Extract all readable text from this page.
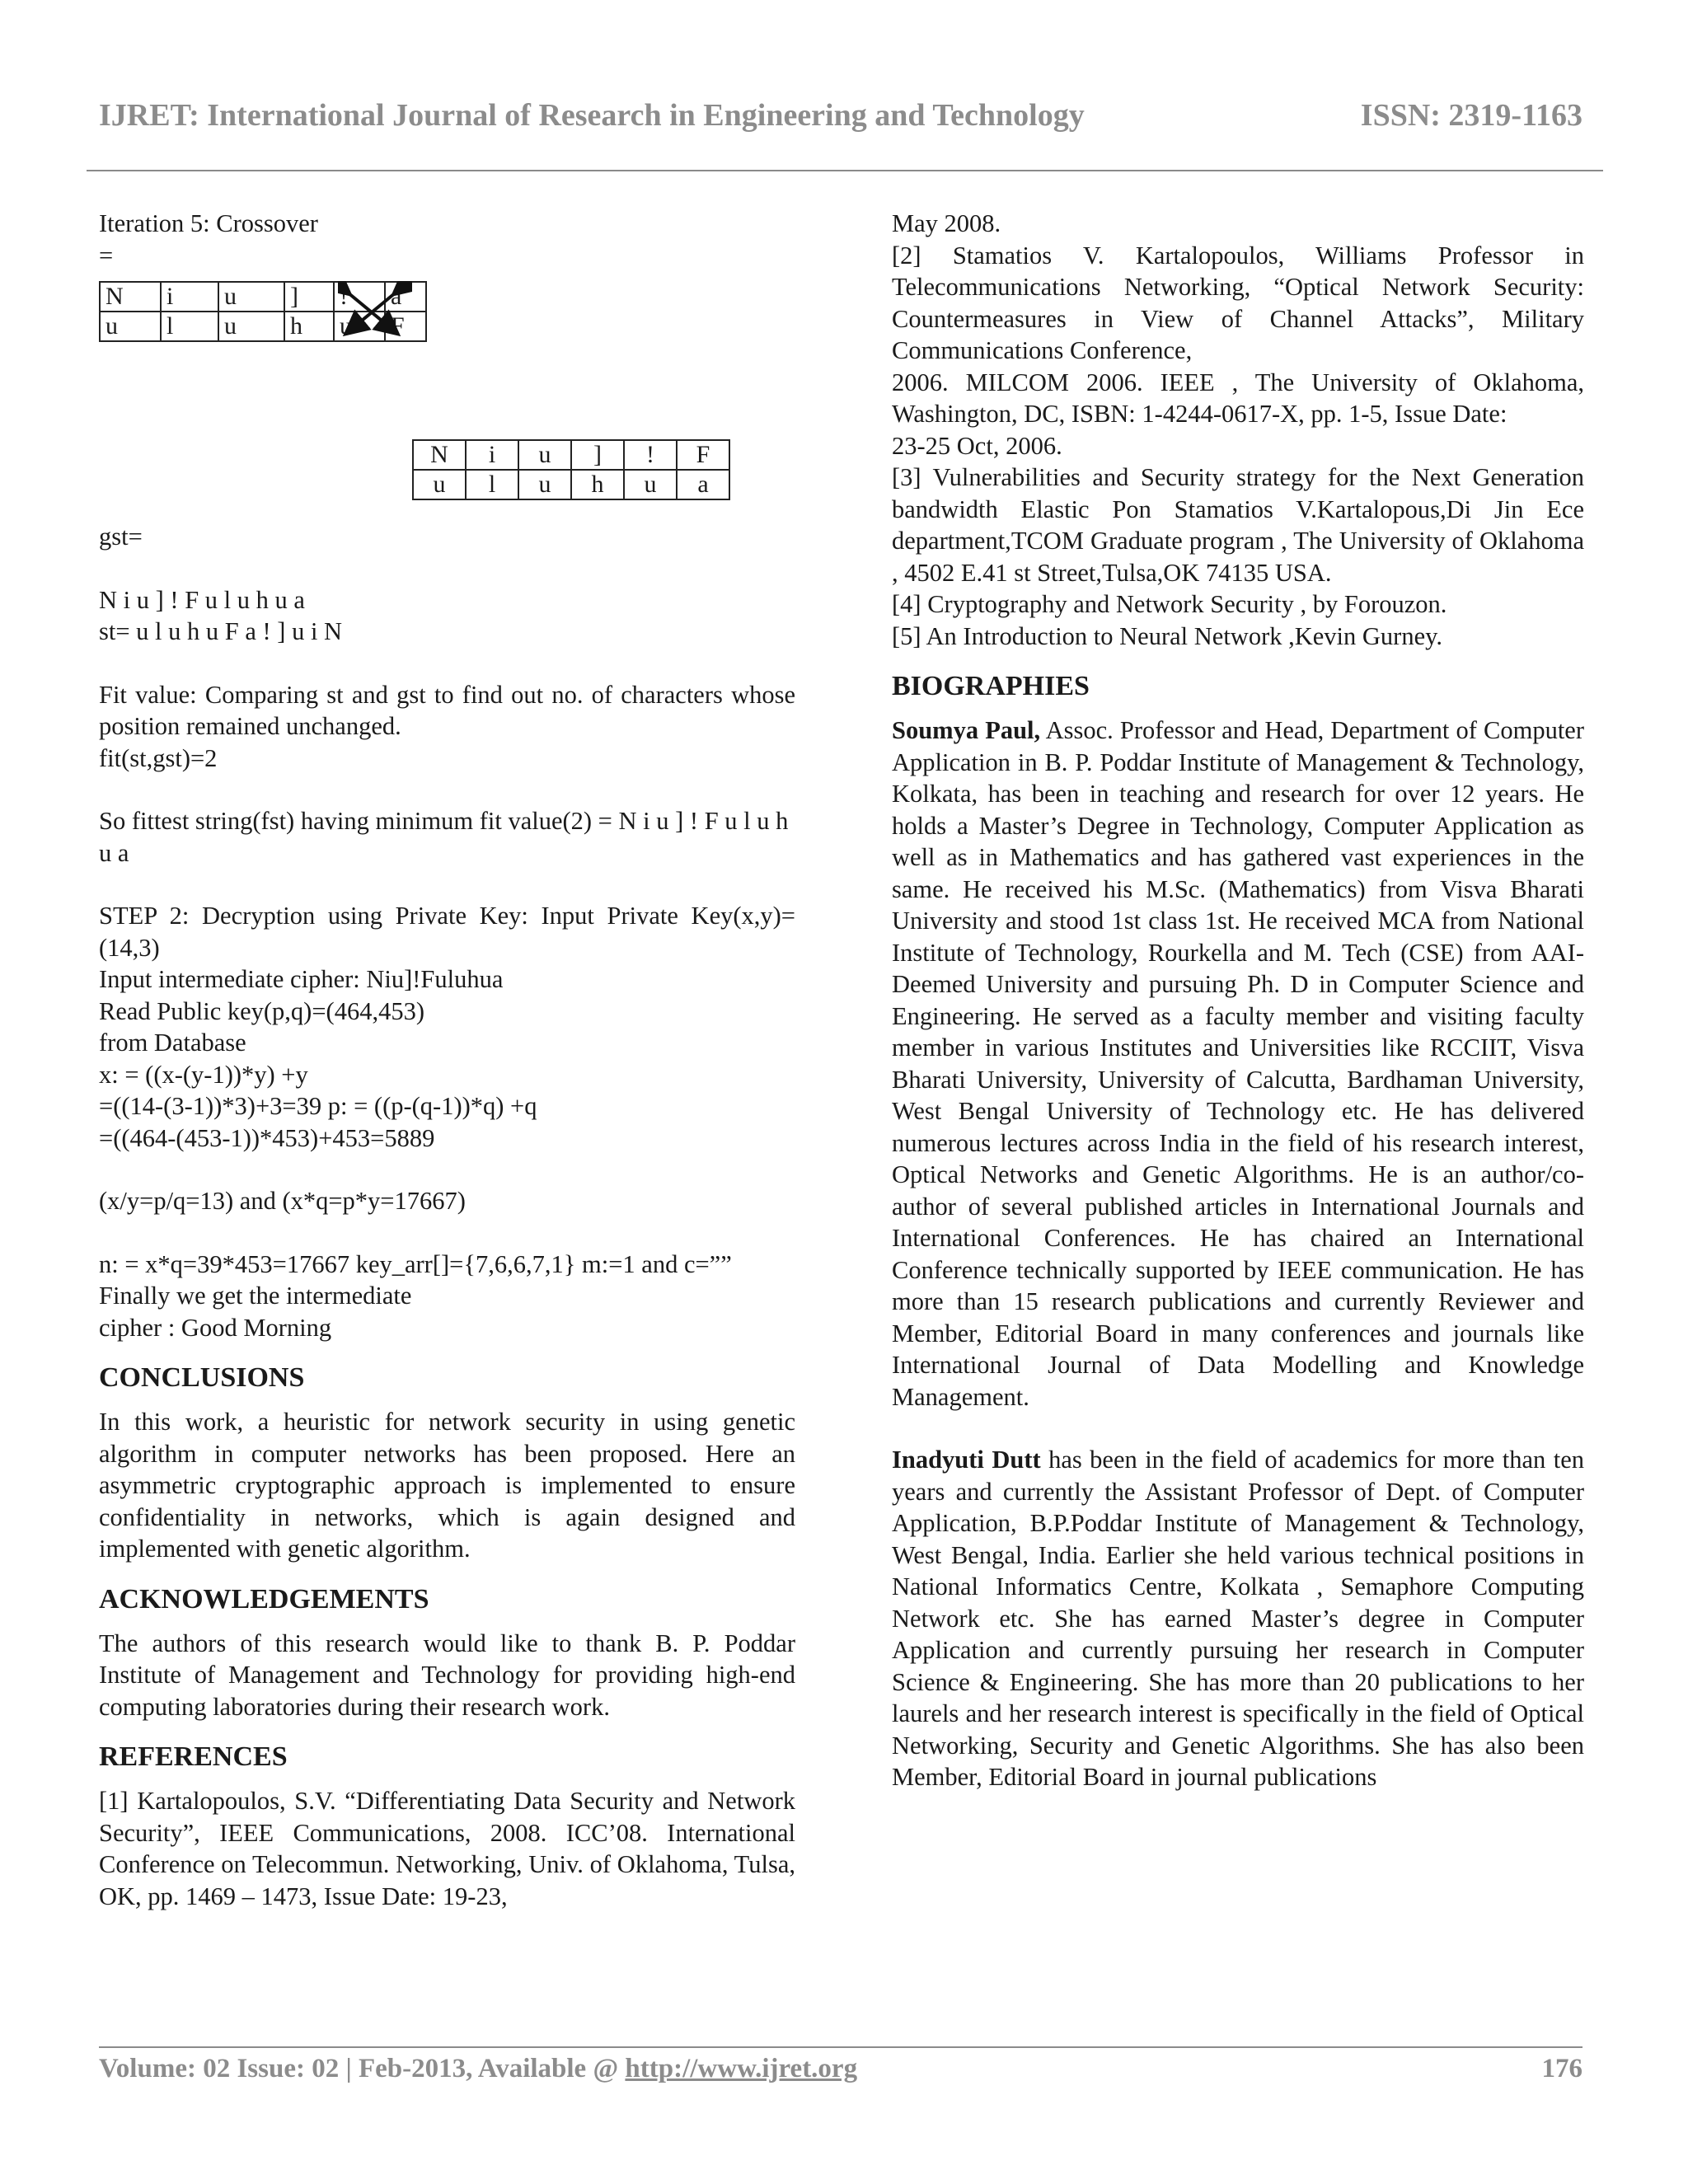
IJRET: International Journal of Research in Engineering and Technology	ISSN: 2319-1163

Iteration 5: Crossover

=

N	i	u	]	!	a
u	l	u	h	u	F
N	i	u	]	!	F
u	l	u	h	u	a

gst=

N i u ] ! F u l u h u a

st= u l u h u F a ! ] u i N

Fit value: Comparing st and gst to find out no. of characters whose position remained unchanged.

fit(st,gst)=2

So fittest string(fst) having minimum fit value(2) = N i u ] ! F u l u h u a

STEP 2: Decryption using Private Key: Input Private Key(x,y)=(14,3)

Input intermediate cipher: Niu]!Fuluhua

Read Public key(p,q)=(464,453)

from Database

x: = ((x-(y-1))*y) +y

=((14-(3-1))*3)+3=39 p: = ((p-(q-1))*q) +q

=((464-(453-1))*453)+453=5889

(x/y=p/q=13) and (x*q=p*y=17667)

n: = x*q=39*453=17667 key_arr[]={7,6,6,7,1} m:=1 and c=””

Finally we get the intermediate

cipher : Good Morning

CONCLUSIONS

In this work, a heuristic for network security in using genetic algorithm in computer networks has been proposed. Here an asymmetric cryptographic approach is implemented to ensure confidentiality in networks, which is again designed and implemented with genetic algorithm.

ACKNOWLEDGEMENTS

The authors of this research would like to thank B. P. Poddar Institute of Management and Technology for providing high-end computing laboratories during their research work.

REFERENCES

[1] Kartalopoulos, S.V. “Differentiating Data Security and Network Security”, IEEE Communications, 2008. ICC’08. International Conference on Telecommun. Networking, Univ. of Oklahoma, Tulsa, OK, pp. 1469 – 1473, Issue Date: 19-23,

May 2008.

[2] Stamatios V. Kartalopoulos, Williams Professor in Telecommunications Networking, “Optical Network Security: Countermeasures in View of Channel Attacks”, Military Communications Conference,

2006. MILCOM 2006. IEEE , The University of Oklahoma, Washington, DC, ISBN: 1-4244-0617-X, pp. 1-5, Issue Date:

23-25 Oct, 2006.

[3] Vulnerabilities and Security strategy for the Next Generation bandwidth Elastic Pon Stamatios V.Kartalopous,Di Jin Ece department,TCOM Graduate program , The University of Oklahoma , 4502 E.41 st Street,Tulsa,OK 74135 USA.

[4] Cryptography and Network Security , by Forouzon.

[5] An Introduction to Neural Network ,Kevin Gurney.

BIOGRAPHIES

Soumya Paul, Assoc. Professor and Head, Department of Computer Application in B. P. Poddar Institute of Management & Technology, Kolkata, has been in teaching and research for over 12 years. He holds a Master’s Degree in Technology, Computer Application as well as in Mathematics and has gathered vast experiences in the same. He received his M.Sc. (Mathematics) from Visva Bharati University and stood 1st class 1st. He received MCA from National Institute of Technology, Rourkella and M. Tech (CSE) from AAI-Deemed University and pursuing Ph. D in Computer Science and Engineering. He served as a faculty member and visiting faculty member in various Institutes and Universities like RCCIIT, Visva Bharati University, University of Calcutta, Bardhaman University, West Bengal University of Technology etc. He has delivered numerous lectures across India in the field of his research interest, Optical Networks and Genetic Algorithms. He is an author/co-author of several published articles in International Journals and International Conferences. He has chaired an International Conference technically supported by IEEE communication. He has more than 15 research publications and currently Reviewer and Member, Editorial Board in many conferences and journals like International Journal of Data Modelling and Knowledge Management.

Inadyuti Dutt has been in the field of academics for more than ten years and currently the Assistant Professor of Dept. of Computer Application, B.P.Poddar Institute of Management & Technology, West Bengal, India. Earlier she held various technical positions in National Informatics Centre, Kolkata , Semaphore Computing Network etc. She has earned Master’s degree in Computer Application and currently pursuing her research in Computer Science & Engineering. She has more than 20 publications to her laurels and her research interest is specifically in the field of Optical Networking, Security and Genetic Algorithms. She has also been Member, Editorial Board in journal publications

Volume: 02 Issue: 02 | Feb-2013, Available @ http://www.ijret.org	176
